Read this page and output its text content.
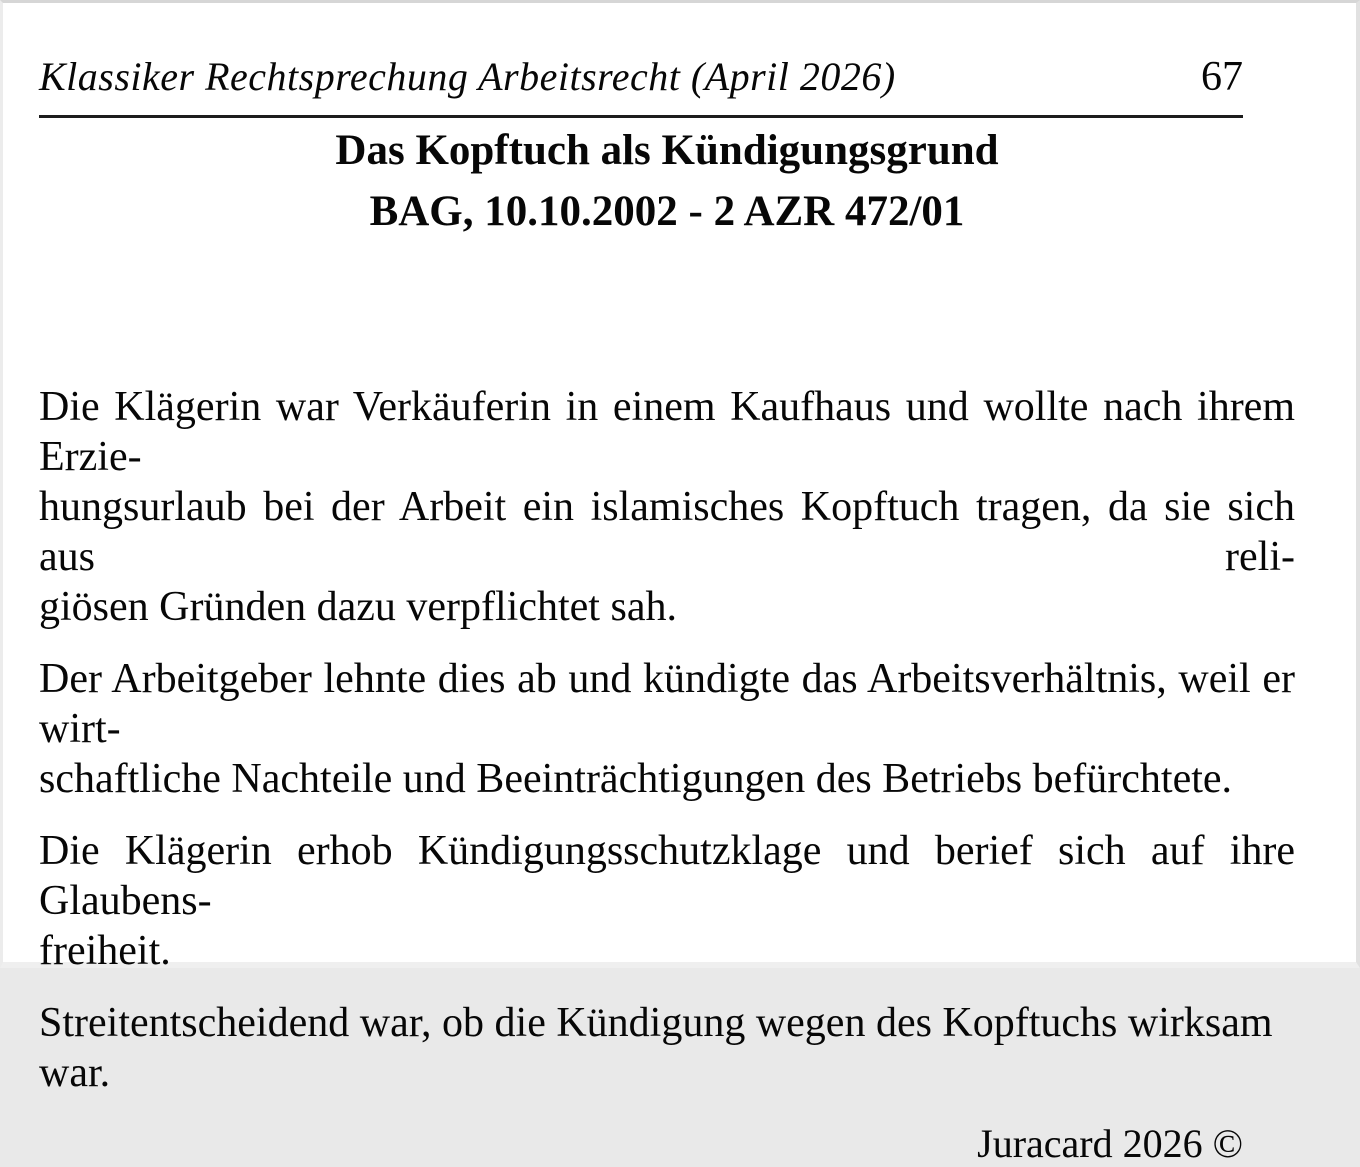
Klassiker Rechtsprechung Arbeitsrecht (April 2026)	67
Das Kopftuch als Kündigungsgrund
BAG, 10.10.2002 - 2 AZR 472/01

Die Klägerin war Verkäuferin in einem Kaufhaus und wollte nach ihrem Erzie-
hungsurlaub bei der Arbeit ein islamisches Kopftuch tragen, da sie sich aus reli-
giösen Gründen dazu verpflichtet sah.

Der Arbeitgeber lehnte dies ab und kündigte das Arbeitsverhältnis, weil er wirt-
schaftliche Nachteile und Beeinträchtigungen des Betriebs befürchtete.

Die Klägerin erhob Kündigungsschutzklage und berief sich auf ihre Glaubens-
freiheit.

Streitentscheidend war, ob die Kündigung wegen des Kopftuchs wirksam war.

Juracard 2026 ©
